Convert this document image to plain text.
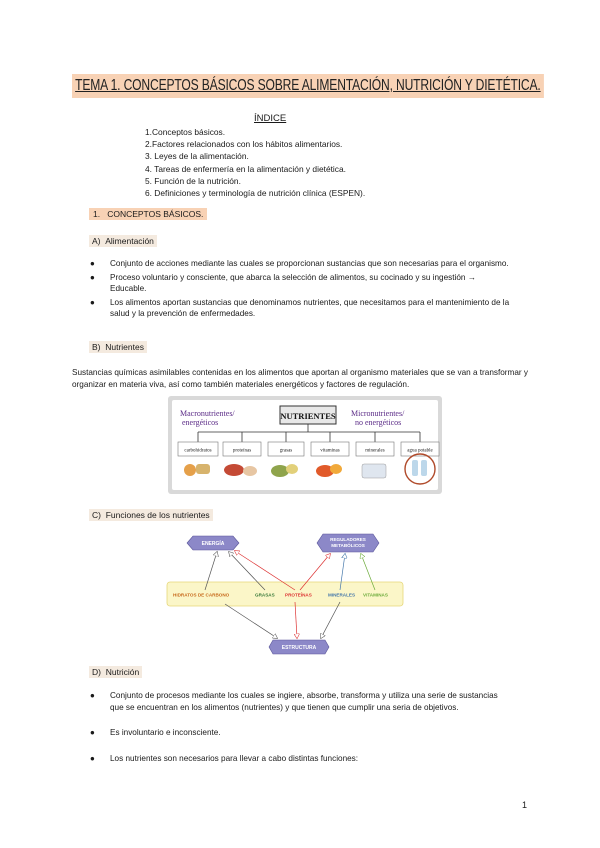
TEMA 1. CONCEPTOS BÁSICOS SOBRE ALIMENTACIÓN, NUTRICIÓN Y DIETÉTICA.
ÍNDICE
1.Conceptos básicos.
2.Factores relacionados con los hábitos alimentarios.
3. Leyes de la alimentación.
4. Tareas de enfermería en la alimentación y dietética.
5. Función de la nutrición.
6. Definiciones y terminología de nutrición clínica (ESPEN).
1. CONCEPTOS BÁSICOS.
A) Alimentación
● Conjunto de acciones mediante las cuales se proporcionan sustancias que son necesarias para el organismo.
● Proceso voluntario y consciente, que abarca la selección de alimentos, su cocinado y su ingestión → Educable.
● Los alimentos aportan sustancias que denominamos nutrientes, que necesitamos para el mantenimiento de la salud y la prevención de enfermedades.
B) Nutrientes
Sustancias químicas asimilables contenidas en los alimentos que aportan al organismo materiales que se van a transformar y organizar en materia viva, así como también materiales energéticos y factores de regulación.
NUTRIENTES
Macronutrientes/ energéticos
Micronutrientes/ no energéticos
carbohidratos	proteínas	grasas	vitaminas	minerales	agua potable
C) Funciones de los nutrientes
ENERGÍA
REGULADORES METABÓLICOS
HIDRATOS DE CARBONO	GRASAS PROTEÍNAS	MINERALES VITAMINAS
ESTRUCTURA
D) Nutrición
● Conjunto de procesos mediante los cuales se ingiere, absorbe, transforma y utiliza una serie de sustancias que se encuentran en los alimentos (nutrientes) y que tienen que cumplir una seria de objetivos.
● Es involuntario e inconsciente.
● Los nutrientes son necesarios para llevar a cabo distintas funciones:
1
